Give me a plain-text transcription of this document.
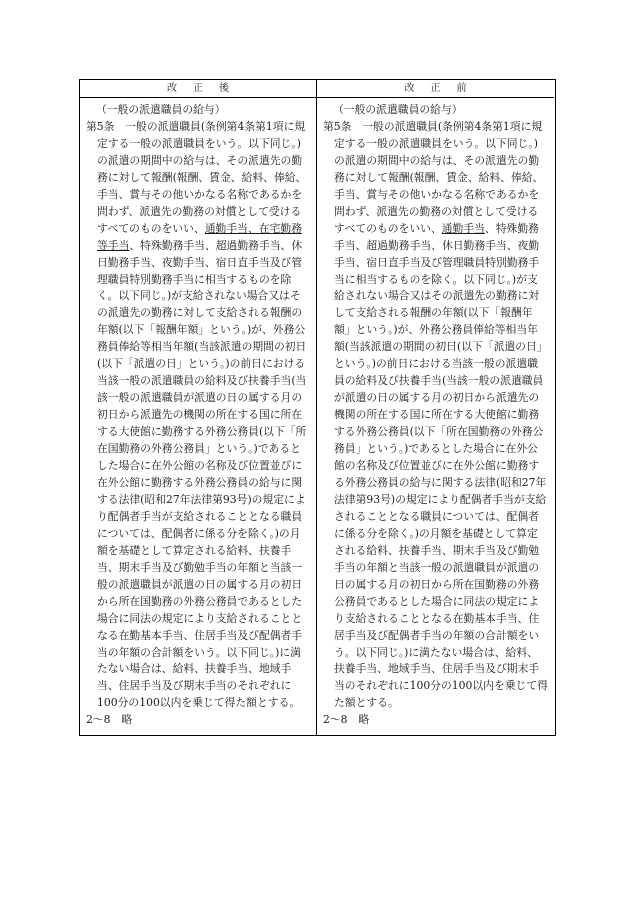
改正後	改正前

（一般の派遣職員の給与）

第5条　一般の派遣職員(条例第4条第1項に規定する一般の派遣職員をいう。以下同じ。)の派遣の期間中の給与は、その派遣先の勤務に対して報酬(報酬、賃金、給料、俸給、手当、賞与その他いかなる名称であるかを問わず、派遣先の勤務の対償として受けるすべてのものをいい、通勤手当、在宅勤務等手当、特殊勤務手当、超過勤務手当、休日勤務手当、夜勤手当、宿日直手当及び管理職員特別勤務手当に相当するものを除く。以下同じ。)が支給されない場合又はその派遣先の勤務に対して支給される報酬の年額(以下「報酬年額」という。)が、外務公務員俸給等相当年額(当該派遣の期間の初日(以下「派遣の日」という。)の前日における当該一般の派遣職員の給料及び扶養手当(当該一般の派遣職員が派遣の日の属する月の初日から派遣先の機関の所在する国に所在する大使館に勤務する外務公務員(以下「所在国勤務の外務公務員」という。)であるとした場合に在外公館の名称及び位置並びに在外公館に勤務する外務公務員の給与に関する法律(昭和27年法律第93号)の規定により配偶者手当が支給されることとなる職員については、配偶者に係る分を除く。)の月額を基礎として算定される給料、扶養手当、期末手当及び勤勉手当の年額と当該一般の派遣職員が派遣の日の属する月の初日から所在国勤務の外務公務員であるとした場合に同法の規定により支給されることとなる在勤基本手当、住居手当及び配偶者手当の年額の合計額をいう。以下同じ。)に満たない場合は、給料、扶養手当、地域手当、住居手当及び期末手当のそれぞれに100分の100以内を乗じて得た額とする。

2～8　略

（一般の派遣職員の給与）

第5条　一般の派遣職員(条例第4条第1項に規定する一般の派遣職員をいう。以下同じ。)の派遣の期間中の給与は、その派遣先の勤務に対して報酬(報酬、賃金、給料、俸給、手当、賞与その他いかなる名称であるかを問わず、派遣先の勤務の対償として受けるすべてのものをいい、通勤手当、特殊勤務手当、超過勤務手当、休日勤務手当、夜勤手当、宿日直手当及び管理職員特別勤務手当に相当するものを除く。以下同じ。)が支給されない場合又はその派遣先の勤務に対して支給される報酬の年額(以下「報酬年額」という。)が、外務公務員俸給等相当年額(当該派遣の期間の初日(以下「派遣の日」という。)の前日における当該一般の派遣職員の給料及び扶養手当(当該一般の派遣職員が派遣の日の属する月の初日から派遣先の機関の所在する国に所在する大使館に勤務する外務公務員(以下「所在国勤務の外務公務員」という。)であるとした場合に在外公館の名称及び位置並びに在外公館に勤務する外務公務員の給与に関する法律(昭和27年法律第93号)の規定により配偶者手当が支給されることとなる職員については、配偶者に係る分を除く。)の月額を基礎として算定される給料、扶養手当、期末手当及び勤勉手当の年額と当該一般の派遣職員が派遣の日の属する月の初日から所在国勤務の外務公務員であるとした場合に同法の規定により支給されることとなる在勤基本手当、住居手当及び配偶者手当の年額の合計額をいう。以下同じ。)に満たない場合は、給料、扶養手当、地域手当、住居手当及び期末手当のそれぞれに100分の100以内を乗じて得た額とする。

2～8　略
